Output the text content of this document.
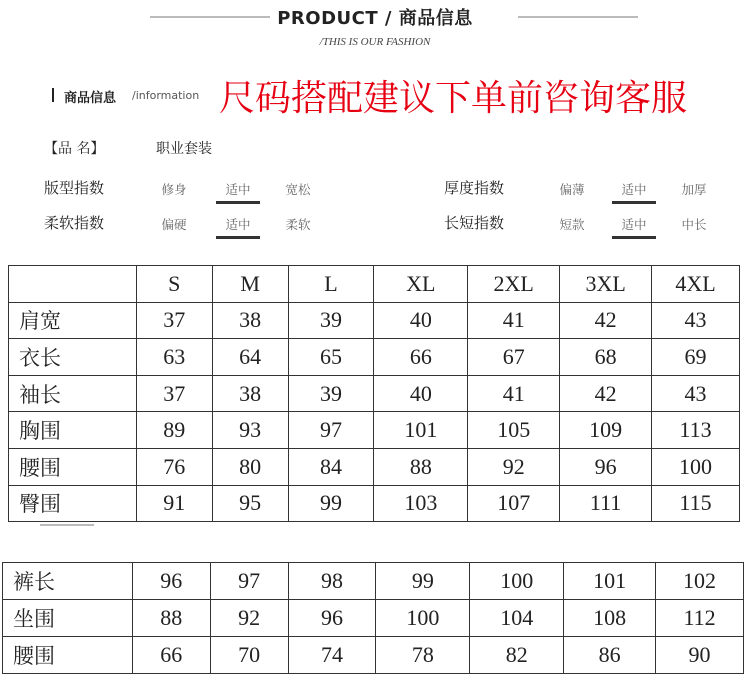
PRODUCT / 商品信息
/THIS IS OUR FASHION
商品信息 /information 尺码搭配建议下单前咨询客服
【品 名】	职业套装
版型指数	修身	适中	宽松
柔软指数	偏硬	适中	柔软
厚度指数	偏薄	适中	加厚
长短指数	短款	适中	中长
	S	M	L	XL	2XL	3XL	4XL
肩宽	37	38	39	40	41	42	43
衣长	63	64	65	66	67	68	69
袖长	37	38	39	40	41	42	43
胸围	89	93	97	101	105	109	113
腰围	76	80	84	88	92	96	100
臀围	91	95	99	103	107	111	115
裤长	96	97	98	99	100	101	102
坐围	88	92	96	100	104	108	112
腰围	66	70	74	78	82	86	90
